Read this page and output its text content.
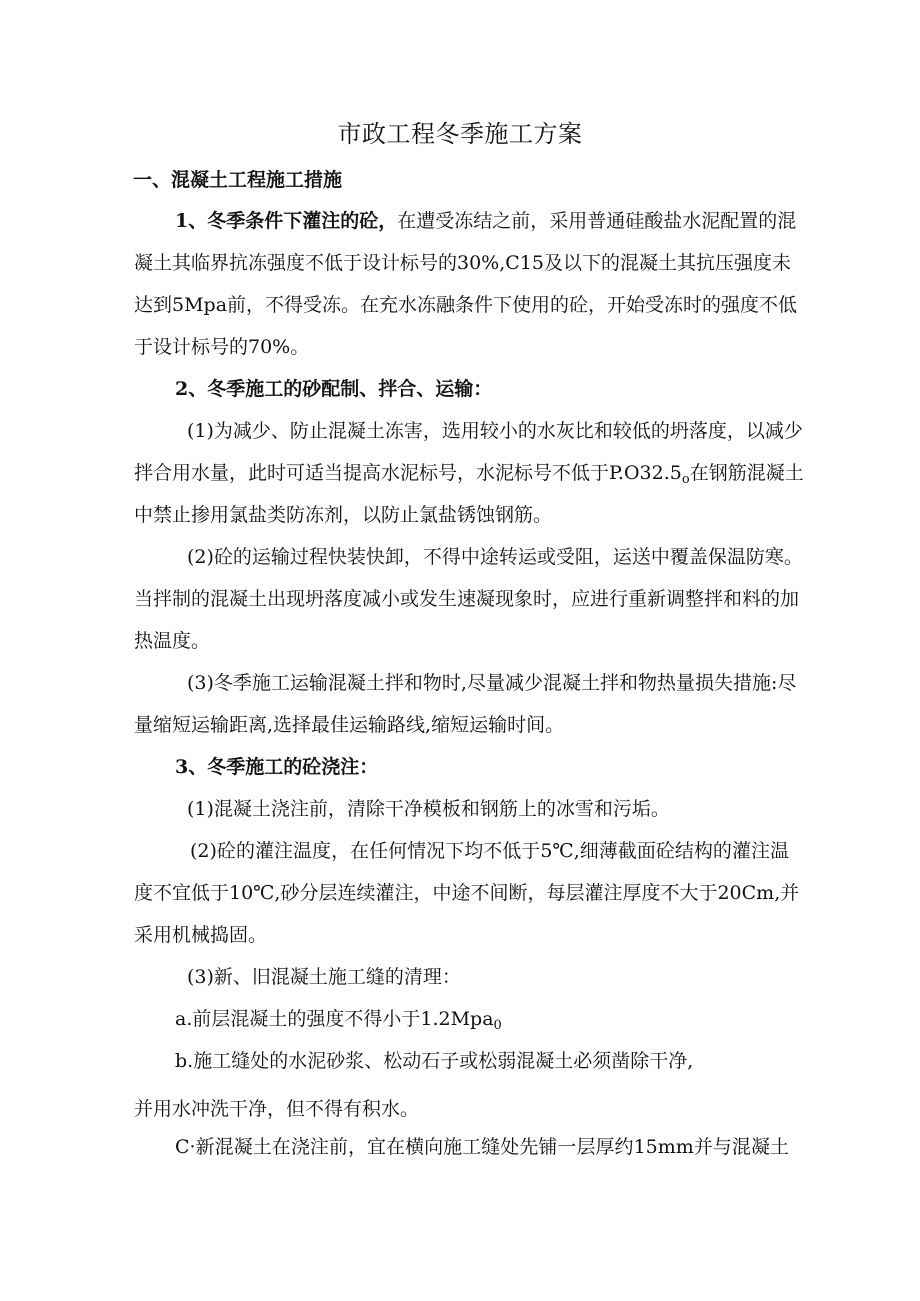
市政工程冬季施工方案
一、混凝土工程施工措施
1、冬季条件下灌注的砼， 在遭受冻结之前，采用普通硅酸盐水泥配置的混
凝土其临界抗冻强度不低于设计标号的30%,C15及以下的混凝土其抗压强度未
达到5Mpa前，不得受冻。在充水冻融条件下使用的砼，开始受冻时的强度不低
于设计标号的70%。
2、冬季施工的砂配制、拌合、运输：
(1)为减少、防止混凝土冻害，选用较小的水灰比和较低的坍落度，以减少
拌合用水量，此时可适当提高水泥标号，水泥标号不低于$P.O32.5_o$在钢筋混凝土
中禁止掺用氯盐类防冻剂，以防止氯盐锈蚀钢筋。
(2)砼的运输过程快装快卸，不得中途转运或受阻，运送中覆盖保温防寒。
当拌制的混凝土出现坍落度减小或发生速凝现象时，应进行重新调整拌和料的加
热温度。
(3)冬季施工运输混凝土拌和物时,尽量减少混凝土拌和物热量损失措施:尽
量缩短运输距离,选择最佳运输路线,缩短运输时间。
3、冬季施工的砼浇注：
(1)混凝土浇注前，清除干净模板和钢筋上的冰雪和污垢。
(2)砼的灌注温度，在任何情况下均不低于5℃,细薄截面砼结构的灌注温
度不宜低于10℃,砂分层连续灌注，中途不间断，每层灌注厚度不大于20Cm,并
采用机械捣固。
(3)新、旧混凝土施工缝的清理：
a.前层混凝土的强度不得小于1.2Mpa$_0$
b.施工缝处的水泥砂浆、松动石子或松弱混凝土必须凿除干净,
并用水冲洗干净，但不得有积水。
C·新混凝土在浇注前，宜在横向施工缝处先铺一层厚约15mm并与混凝土
